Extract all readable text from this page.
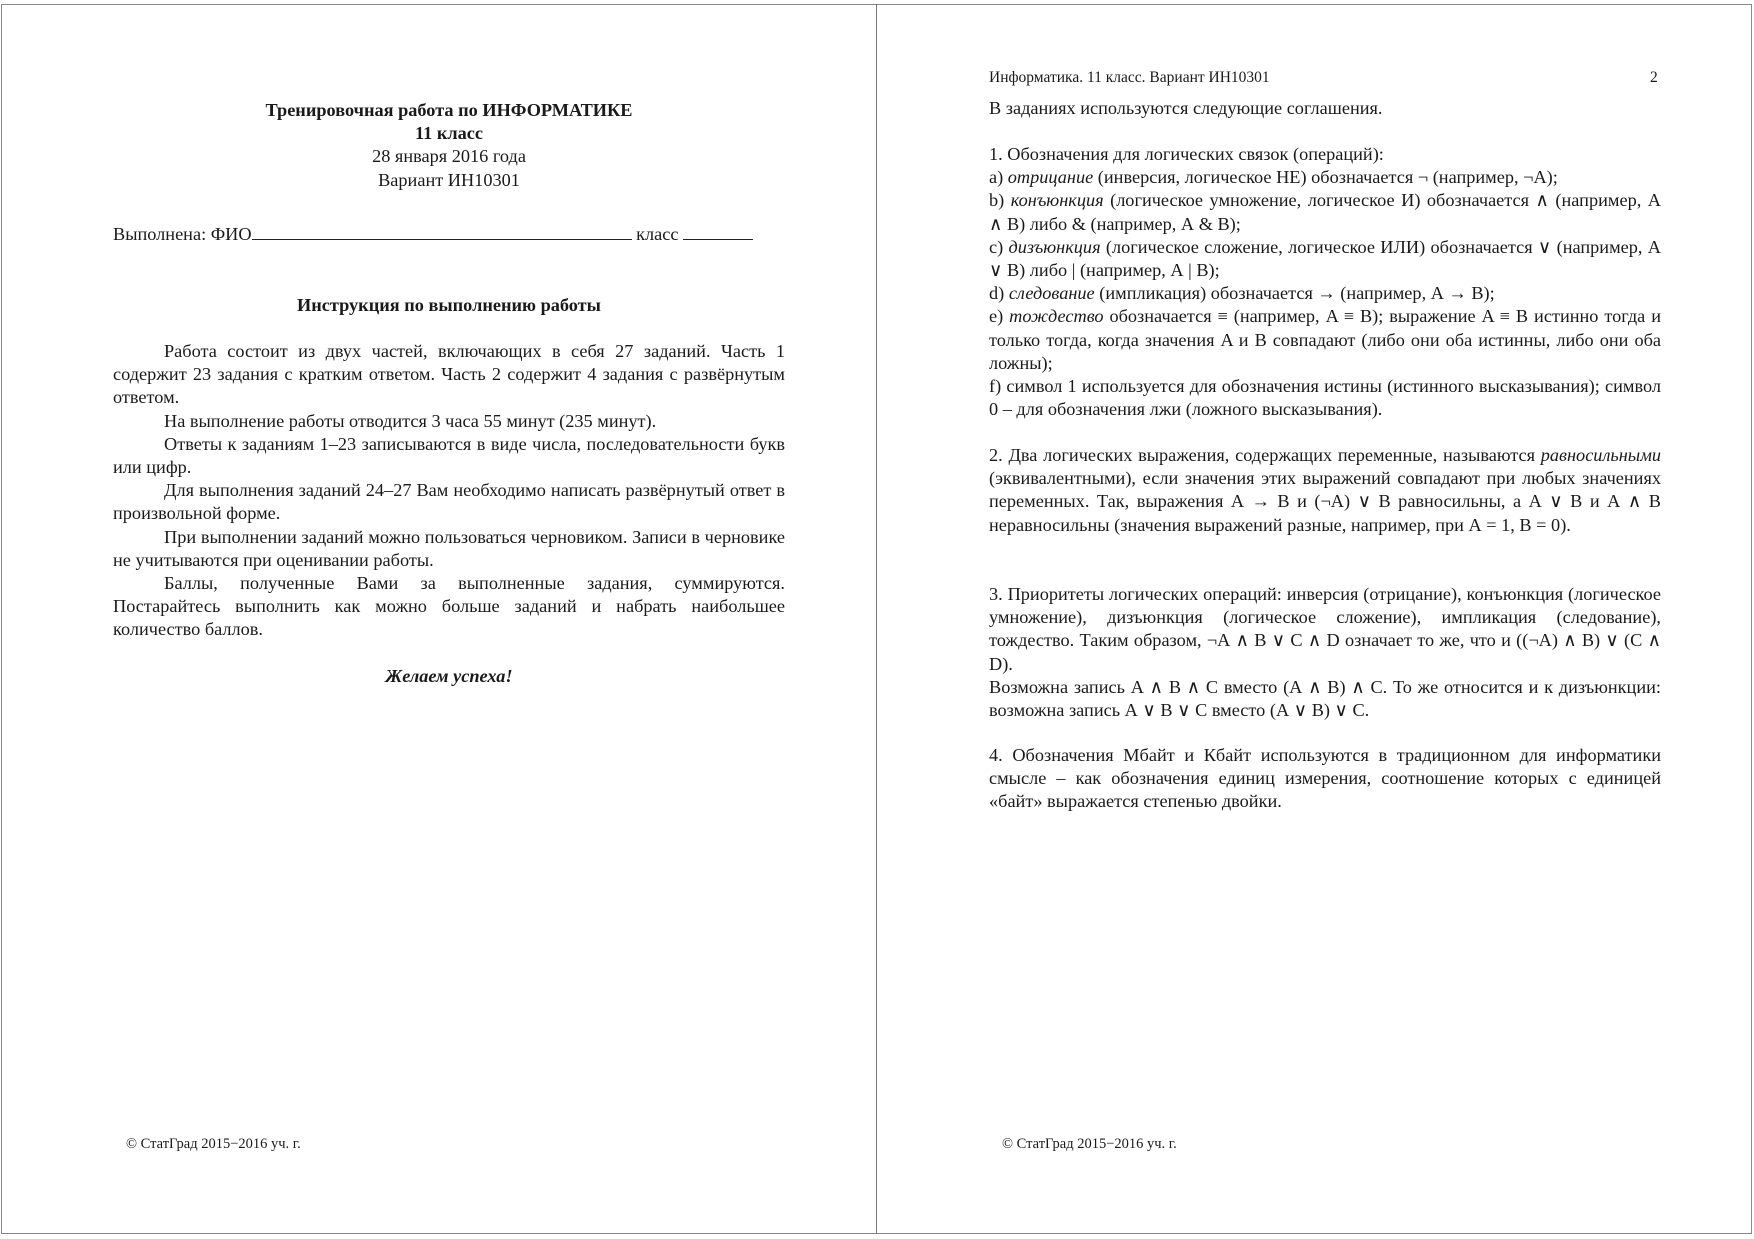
Тренировочная работа по ИНФОРМАТИКЕ
11 класс
28 января 2016 года
Вариант ИН10301
Выполнена: ФИО	класс
Инструкция по выполнению работы

Работа состоит из двух частей, включающих в себя 27 заданий. Часть 1 содержит 23 задания с кратким ответом. Часть 2 содержит 4 задания с развёрнутым ответом.

На выполнение работы отводится 3 часа 55 минут (235 минут).

Ответы к заданиям 1–23 записываются в виде числа, последовательности букв или цифр.

Для выполнения заданий 24–27 Вам необходимо написать развёрнутый ответ в произвольной форме.

При выполнении заданий можно пользоваться черновиком. Записи в черновике не учитываются при оценивании работы.

Баллы, полученные Вами за выполненные задания, суммируются. Постарайтесь выполнить как можно больше заданий и набрать наибольшее количество баллов.

Желаем успеха!
© СтатГрад 2015−2016 уч. г.
Информатика. 11 класс. Вариант ИН10301	2
В заданиях используются следующие соглашения.

1. Обозначения для логических связок (операций):

a) отрицание (инверсия, логическое НЕ) обозначается ¬ (например, ¬А);

b) конъюнкция (логическое умножение, логическое И) обозначается ∧ (например, А ∧ В) либо & (например, А & В);

c) дизъюнкция (логическое сложение, логическое ИЛИ) обозначается ∨ (например, А ∨ В) либо | (например, А | В);

d) следование (импликация) обозначается → (например, А → В);

e) тождество обозначается ≡ (например, A ≡ B); выражение A ≡ B истинно тогда и только тогда, когда значения A и B совпадают (либо они оба истинны, либо они оба ложны);

f) символ 1 используется для обозначения истины (истинного высказывания); символ 0 – для обозначения лжи (ложного высказывания).

2. Два логических выражения, содержащих переменные, называются равносильными (эквивалентными), если значения этих выражений совпадают при любых значениях переменных. Так, выражения А → В и (¬А) ∨ В равносильны, а А ∨ В и А ∧ В неравносильны (значения выражений разные, например, при А = 1, В = 0).

3. Приоритеты логических операций: инверсия (отрицание), конъюнкция (логическое умножение), дизъюнкция (логическое сложение), импликация (следование), тождество. Таким образом, ¬А ∧ В ∨ С ∧ D означает то же, что и ((¬А) ∧ В) ∨ (С ∧ D).

Возможна запись А ∧ В ∧ С вместо (А ∧ В) ∧ С. То же относится и к дизъюнкции: возможна запись А ∨ В ∨ С вместо (А ∨ В) ∨ С.

4. Обозначения Мбайт и Кбайт используются в традиционном для информатики смысле – как обозначения единиц измерения, соотношение которых с единицей «байт» выражается степенью двойки.
© СтатГрад 2015−2016 уч. г.
